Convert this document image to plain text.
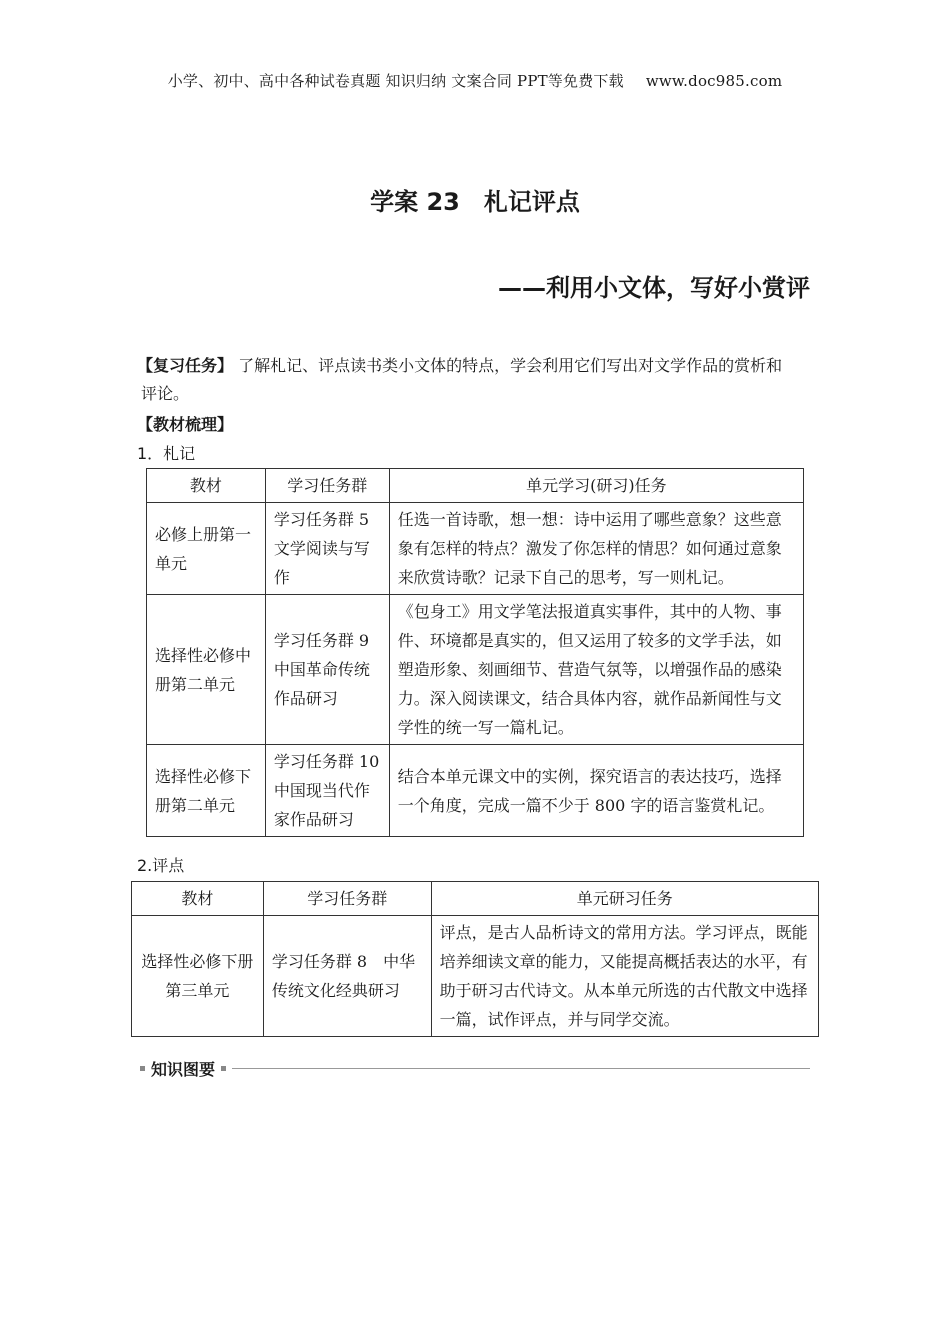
小学、初中、高中各种试卷真题 知识归纳 文案合同 PPT等免费下载 www.doc985.com
学案 23　札记评点
——利用小文体，写好小赏评
【复习任务】 了解札记、评点读书类小文体的特点，学会利用它们写出对文学作品的赏析和
评论。
【教材梳理】
1．札记
教材	学习任务群	单元学习(研习)任务
必修上册第一单元	学习任务群 5　文学阅读与写作	任选一首诗歌，想一想：诗中运用了哪些意象？这些意象有怎样的特点？激发了你怎样的情思？如何通过意象来欣赏诗歌？记录下自己的思考，写一则札记。
选择性必修中册第二单元	学习任务群 9　中国革命传统作品研习	《包身工》用文学笔法报道真实事件，其中的人物、事件、环境都是真实的，但又运用了较多的文学手法，如塑造形象、刻画细节、营造气氛等，以增强作品的感染力。深入阅读课文，结合具体内容，就作品新闻性与文学性的统一写一篇札记。
选择性必修下册第二单元	学习任务群 10　中国现当代作家作品研习	结合本单元课文中的实例，探究语言的表达技巧，选择一个角度，完成一篇不少于 800 字的语言鉴赏札记。
2.评点
教材	学习任务群	单元研习任务
选择性必修下册第三单元	学习任务群 8　中华传统文化经典研习	评点，是古人品析诗文的常用方法。学习评点，既能培养细读文章的能力，又能提高概括表达的水平，有助于研习古代诗文。从本单元所选的古代散文中选择一篇，试作评点，并与同学交流。
知识图要
